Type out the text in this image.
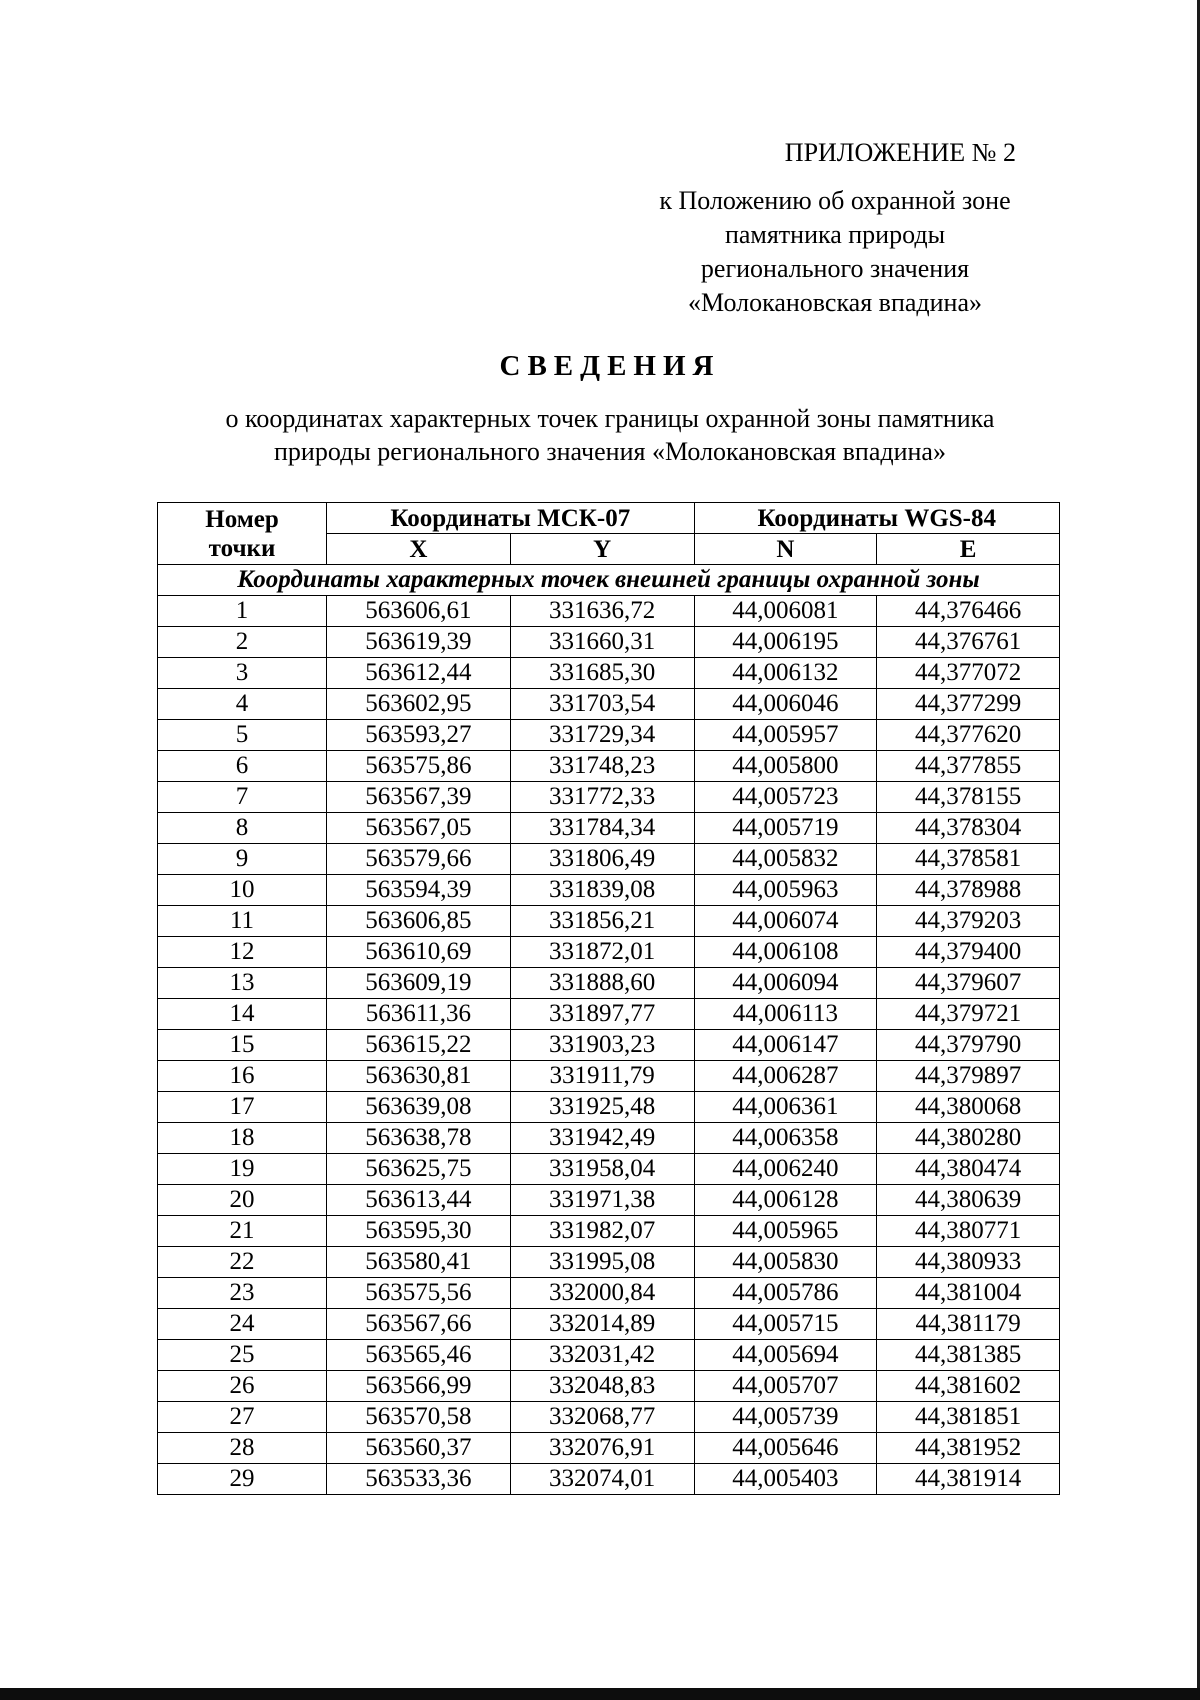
ПРИЛОЖЕНИЕ № 2
к Положению об охранной зоне
памятника природы
регионального значения
«Молокановская впадина»
СВЕДЕНИЯ
о координатах характерных точек границы охранной зоны памятника
природы регионального значения «Молокановская впадина»
Номер
точки	Координаты МСК-07		Координаты WGS-84	
	X	Y	N	E
Координаты характерных точек внешней границы охранной зоны				
1	563606,61	331636,72	44,006081	44,376466
2	563619,39	331660,31	44,006195	44,376761
3	563612,44	331685,30	44,006132	44,377072
4	563602,95	331703,54	44,006046	44,377299
5	563593,27	331729,34	44,005957	44,377620
6	563575,86	331748,23	44,005800	44,377855
7	563567,39	331772,33	44,005723	44,378155
8	563567,05	331784,34	44,005719	44,378304
9	563579,66	331806,49	44,005832	44,378581
10	563594,39	331839,08	44,005963	44,378988
11	563606,85	331856,21	44,006074	44,379203
12	563610,69	331872,01	44,006108	44,379400
13	563609,19	331888,60	44,006094	44,379607
14	563611,36	331897,77	44,006113	44,379721
15	563615,22	331903,23	44,006147	44,379790
16	563630,81	331911,79	44,006287	44,379897
17	563639,08	331925,48	44,006361	44,380068
18	563638,78	331942,49	44,006358	44,380280
19	563625,75	331958,04	44,006240	44,380474
20	563613,44	331971,38	44,006128	44,380639
21	563595,30	331982,07	44,005965	44,380771
22	563580,41	331995,08	44,005830	44,380933
23	563575,56	332000,84	44,005786	44,381004
24	563567,66	332014,89	44,005715	44,381179
25	563565,46	332031,42	44,005694	44,381385
26	563566,99	332048,83	44,005707	44,381602
27	563570,58	332068,77	44,005739	44,381851
28	563560,37	332076,91	44,005646	44,381952
29	563533,36	332074,01	44,005403	44,381914
